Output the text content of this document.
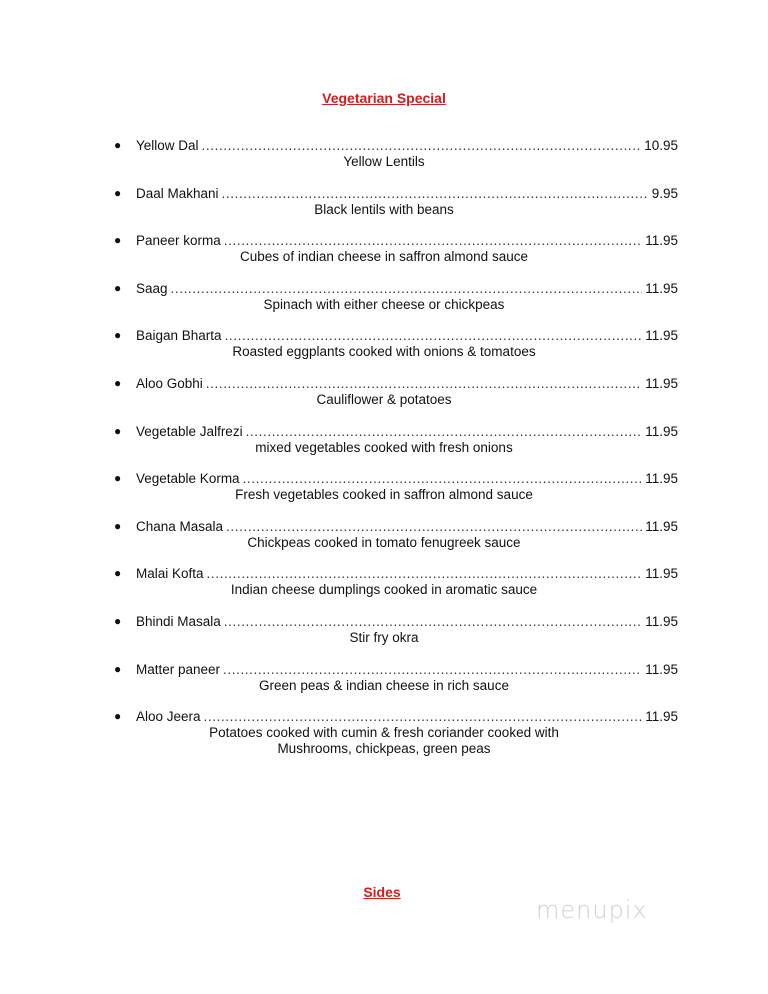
Vegetarian Special
● Yellow Dal .....	10.95
Yellow Lentils
● Daal Makhani .....	9.95
Black lentils with beans
● Paneer korma .....	11.95
Cubes of indian cheese in saffron almond sauce
● Saag .....	11.95
Spinach with either cheese or chickpeas
● Baigan Bharta .....	11.95
Roasted eggplants cooked with onions & tomatoes
● Aloo Gobhi .....	11.95
Cauliflower & potatoes
● Vegetable Jalfrezi .....	11.95
mixed vegetables cooked with fresh onions
● Vegetable Korma .....	11.95
Fresh vegetables cooked in saffron almond sauce
● Chana Masala .....	11.95
Chickpeas cooked in tomato fenugreek sauce
● Malai Kofta .....	11.95
Indian cheese dumplings cooked in aromatic sauce
● Bhindi Masala .....	11.95
Stir fry okra
● Matter paneer .....	11.95
Green peas & indian cheese in rich sauce
● Aloo Jeera .....	11.95
Potatoes cooked with cumin & fresh coriander cooked with
Mushrooms, chickpeas, green peas
Sides
menupix
